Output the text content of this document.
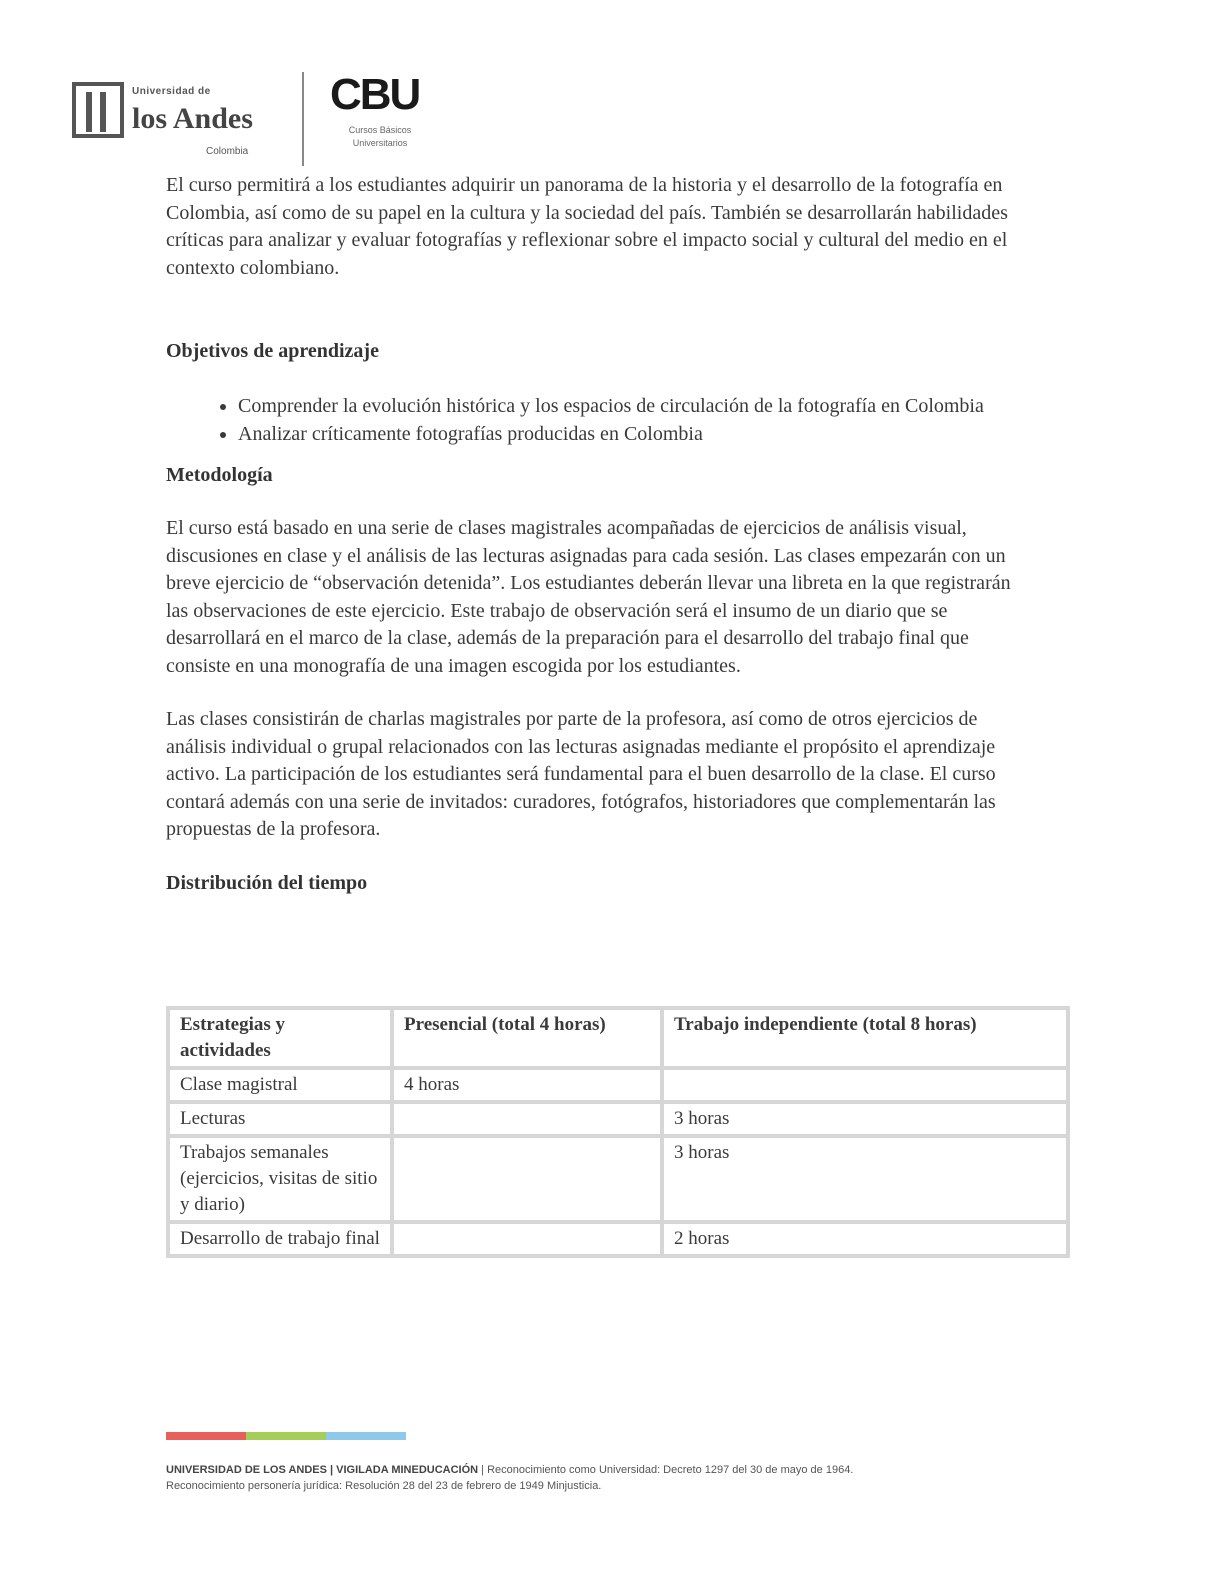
Universidad de
los Andes
Colombia
CBU
Cursos Básicos
Universitarios

El curso permitirá a los estudiantes adquirir un panorama de la historia y el desarrollo de la fotografía en Colombia, así como de su papel en la cultura y la sociedad del país. También se desarrollarán habilidades críticas para analizar y evaluar fotografías y reflexionar sobre el impacto social y cultural del medio en el contexto colombiano.

Objetivos de aprendizaje
• Comprender la evolución histórica y los espacios de circulación de la fotografía en Colombia
• Analizar críticamente fotografías producidas en Colombia
Metodología

El curso está basado en una serie de clases magistrales acompañadas de ejercicios de análisis visual, discusiones en clase y el análisis de las lecturas asignadas para cada sesión. Las clases empezarán con un breve ejercicio de “observación detenida”. Los estudiantes deberán llevar una libreta en la que registrarán las observaciones de este ejercicio. Este trabajo de observación será el insumo de un diario que se desarrollará en el marco de la clase, además de la preparación para el desarrollo del trabajo final que consiste en una monografía de una imagen escogida por los estudiantes.

Las clases consistirán de charlas magistrales por parte de la profesora, así como de otros ejercicios de análisis individual o grupal relacionados con las lecturas asignadas mediante el propósito el aprendizaje activo. La participación de los estudiantes será fundamental para el buen desarrollo de la clase. El curso contará además con una serie de invitados: curadores, fotógrafos, historiadores que complementarán las propuestas de la profesora.

Distribución del tiempo
Estrategias y actividades	Presencial (total 4 horas)	Trabajo independiente (total 8 horas)
Clase magistral	4 horas	
Lecturas		3 horas
Trabajos semanales (ejercicios, visitas de sitio y diario)		3 horas
Desarrollo de trabajo final		2 horas
UNIVERSIDAD DE LOS ANDES | VIGILADA MINEDUCACIÓN | Reconocimiento como Universidad: Decreto 1297 del 30 de mayo de 1964.
Reconocimiento personería jurídica: Resolución 28 del 23 de febrero de 1949 Minjusticia.
